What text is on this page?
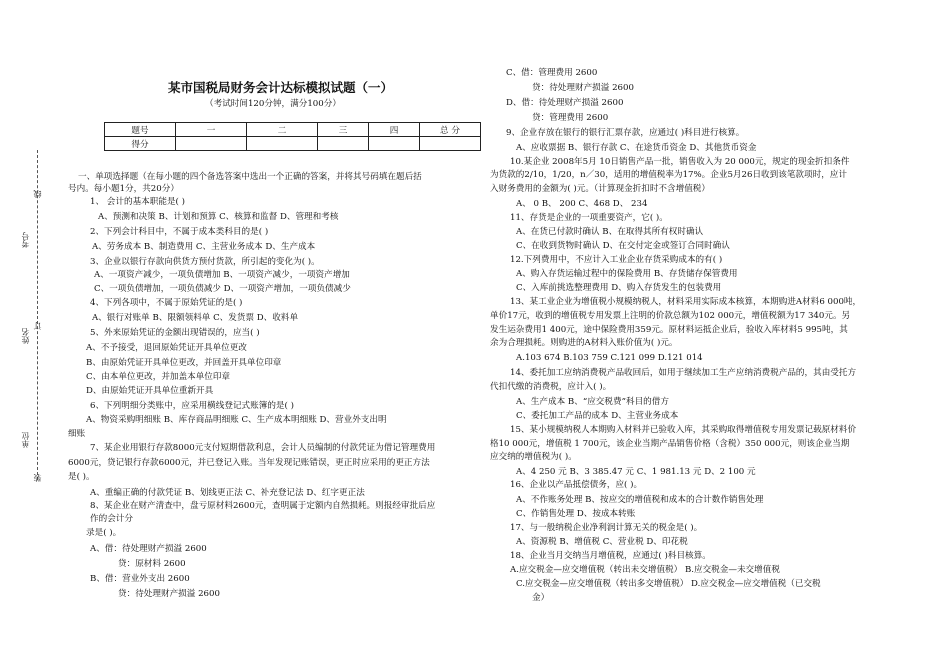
线
考号
姓名
订
单位
装
某市国税局财务会计达标模拟试题（一）
（考试时间120分钟，满分100分）
题号	一	二	三	四	总 分
得分					
一、单项选择题（在每小题的四个备选答案中选出一个正确的答案，并将其号码填在题后括
号内。每小题1分，共20分）
1、 会计的基本职能是( )
A、预测和决策 B、计划和预算 C、核算和监督 D、管理和考核
2、下列会计科目中，不属于成本类科目的是( )
A、劳务成本 B、制造费用 C、主营业务成本 D、生产成本
3、企业以银行存款向供货方预付货款，所引起的变化为( )。
A、一项资产减少，一项负债增加 B、一项资产减少，一项资产增加
C、一项负债增加，一项负债减少 D、一项资产增加，一项负债减少
4、下列各项中，不属于原始凭证的是( )
A、银行对账单 B、限额领料单 C、发货票 D、收料单
5、外来原始凭证的金额出现错误的，应当( )
A、不予接受，退回原始凭证开具单位更改
B、由原始凭证开具单位更改，并回盖开具单位印章
C、由本单位更改，并加盖本单位印章
D、由原始凭证开具单位重新开具
6、下列明细分类账中，应采用横线登记式账簿的是( )
A、物资采购明细账 B、库存商品明细账 C、生产成本明细账 D、营业外支出明
细账
7、某企业用银行存款8000元支付短期借款利息，会计人员编制的付款凭证为借记管理费用
6000元，贷记银行存款6000元，并已登记入账。当年发现记账错误，更正时应采用的更正方法
是( )。
A、重编正确的付款凭证 B、划线更正法 C、补充登记法 D、红字更正法
8、某企业在财产清查中，盘亏原材料2600元，查明属于定额内自然损耗。则报经审批后应
作的会计分
录是( )。
A、借：待处理财产损溢 2600
贷：原材料 2600
B、借：营业外支出 2600
贷：待处理财产损溢 2600
C、借：管理费用 2600
贷：待处理财产损溢 2600
D、借：待处理财产损溢 2600
贷：管理费用 2600
9、企业存放在银行的银行汇票存款，应通过( )科目进行核算。
A、应收票据 B、银行存款 C、在途货币资金 D、其他货币资金
10.某企业 2008年5月 10日销售产品一批，销售收入为 20 000元，规定的现金折扣条件
为货款的2/10，1/20，n／30，适用的增值税率为17%。企业5月26日收到该笔款项时，应计
入财务费用的金额为( )元。（计算现金折扣时不含增值税）
A、 0 B、 200 C、468 D、 234
11、存货是企业的一项重要资产，它( )。
A、在货已付款时确认 B、在取得其所有权时确认
C、在收到货物时确认 D、在交付定金或签订合同时确认
12.下列费用中，不应计入工业企业存货采购成本的有( )
A、购入存货运输过程中的保险费用 B、存货储存保管费用
C、入库前挑选整理费用 D、购入存货发生的包装费用
13、某工业企业为增值税小规模纳税人，材料采用实际成本核算，本期购进A材料6 000吨，
单价17元，收到的增值税专用发票上注明的价款总额为102 000元，增值税额为17 340元。另
发生运杂费用1 400元，途中保险费用359元。原材料运抵企业后，验收入库材料5 995吨，其
余为合理损耗。则购进的A材料入账价值为( )元。
A.103 674 B.103 759 C.121 099 D.121 014
14、委托加工应纳消费税产品收回后，如用于继续加工生产应纳消费税产品的，其由受托方
代扣代缴的消费税，应计入( )。
A、生产成本 B、“应交税费”科目的借方
C、委托加工产品的成本 D、主营业务成本
15、某小规模纳税人本期购入材料并已验收入库，其采购取得增值税专用发票记载原材料价
格10 000元，增值税 1 700元，该企业当期产品销售价格（含税）350 000元，则该企业当期
应交纳的增值税为( )。
A、4 250 元 B、3 385.47 元 C、1 981.13 元 D、2 100 元
16、企业以产品抵偿债务，应( )。
A、不作账务处理 B、按应交的增值税和成本的合计数作销售处理
C、作销售处理 D、按成本转账
17、与一般纳税企业净利润计算无关的税金是( )。
A、资源税 B、增值税 C、营业税 D、印花税
18、企业当月交纳当月增值税，应通过( )科目核算。
A.应交税金—应交增值税（转出未交增值税） B.应交税金—未交增值税
C.应交税金—应交增值税（转出多交增值税） D.应交税金—应交增值税（已交税
金）
